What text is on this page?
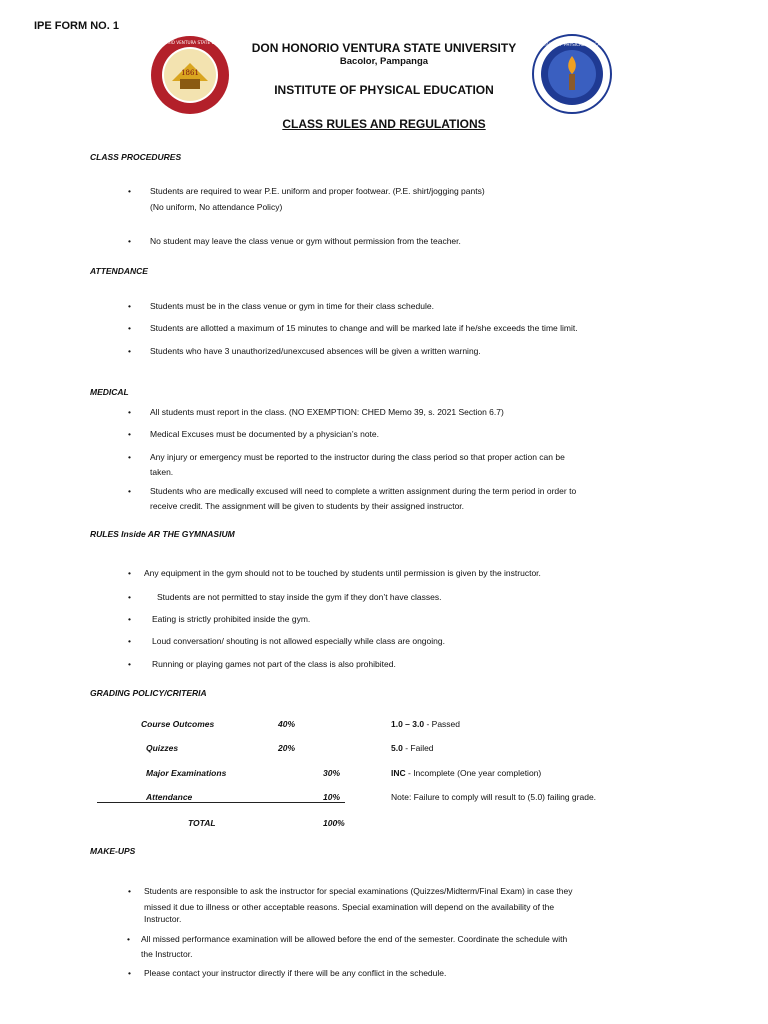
IPE FORM NO. 1
1861
DON HONORIO VENTURA STATE UNIVERSITY	INSTITUTE OF PHYSICAL EDUCATION
DON HONORIO VENTURA STATE UNIVERSITY
Bacolor, Pampanga
INSTITUTE OF PHYSICAL EDUCATION
CLASS RULES AND REGULATIONS
CLASS PROCEDURES
• Students are required to wear P.E. uniform and proper footwear. (P.E. shirt/jogging pants)
(No uniform, No attendance Policy)
• No student may leave the class venue or gym without permission from the teacher.
ATTENDANCE
• Students must be in the class venue or gym in time for their class schedule.
• Students are allotted a maximum of 15 minutes to change and will be marked late if he/she exceeds the time limit.
• Students who have 3 unauthorized/unexcused absences will be given a written warning.
MEDICAL
• All students must report in the class. (NO EXEMPTION: CHED Memo 39, s. 2021 Section 6.7)
• Medical Excuses must be documented by a physician’s note.
• Any injury or emergency must be reported to the instructor during the class period so that proper action can be
taken.
• Students who are medically excused will need to complete a written assignment during the term period in order to
receive credit. The assignment will be given to students by their assigned instructor.
RULES Inside AR THE GYMNASIUM
• Any equipment in the gym should not to be touched by students until permission is given by the instructor.
•	Students are not permitted to stay inside the gym if they don’t have classes.
• Eating is strictly prohibited inside the gym.
• Loud conversation/ shouting is not allowed especially while class are ongoing.
• Running or playing games not part of the class is also prohibited.
GRADING POLICY/CRITERIA
Course Outcomes	40%	1.0 – 3.0 - Passed
Quizzes	20%	5.0 - Failed
Major Examinations	30%	INC - Incomplete (One year completion)
Attendance	10%	Note: Failure to comply will result to (5.0) failing grade.
TOTAL	100%
MAKE-UPS
• Students are responsible to ask the instructor for special examinations (Quizzes/Midterm/Final Exam) in case they
missed it due to illness or other acceptable reasons. Special examination will depend on the availability of the
Instructor.
• All missed performance examination will be allowed before the end of the semester. Coordinate the schedule with
the Instructor.
• Please contact your instructor directly if there will be any conflict in the schedule.
